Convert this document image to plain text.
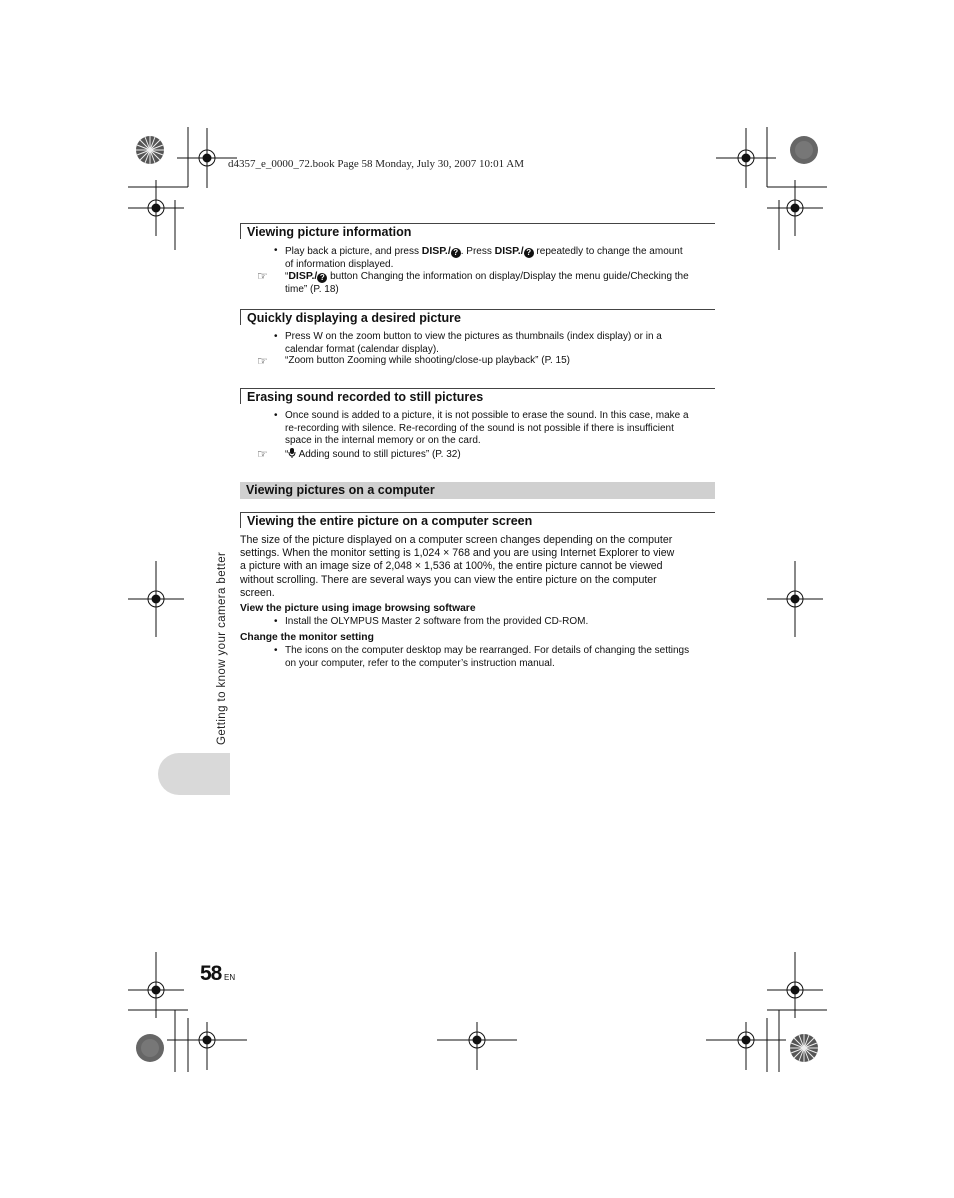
d4357_e_0000_72.book Page 58 Monday, July 30, 2007 10:01 AM
Viewing picture information
• Play back a picture, and press DISP./ ? . Press DISP./ ? repeatedly to change the amount
of information displayed.
☞ “DISP./ ? button Changing the information on display/Display the menu guide/Checking the
time” (P. 18)
Quickly displaying a desired picture
• Press W on the zoom button to view the pictures as thumbnails (index display) or in a
calendar format (calendar display).
☞ “Zoom button Zooming while shooting/close-up playback” (P. 15)
Erasing sound recorded to still pictures
• Once sound is added to a picture, it is not possible to erase the sound. In this case, make a
re-recording with silence. Re-recording of the sound is not possible if there is insufficient
space in the internal memory or on the card.
☞ “ Adding sound to still pictures” (P. 32)
Viewing pictures on a computer
Viewing the entire picture on a computer screen
The size of the picture displayed on a computer screen changes depending on the computer
settings. When the monitor setting is 1,024 × 768 and you are using Internet Explorer to view
a picture with an image size of 2,048 × 1,536 at 100%, the entire picture cannot be viewed
without scrolling. There are several ways you can view the entire picture on the computer
screen.
View the picture using image browsing software
• Install the OLYMPUS Master 2 software from the provided CD-ROM.
Change the monitor setting
• The icons on the computer desktop may be rearranged. For details of changing the settings
on your computer, refer to the computer’s instruction manual.
Getting to know your camera better
58 EN
